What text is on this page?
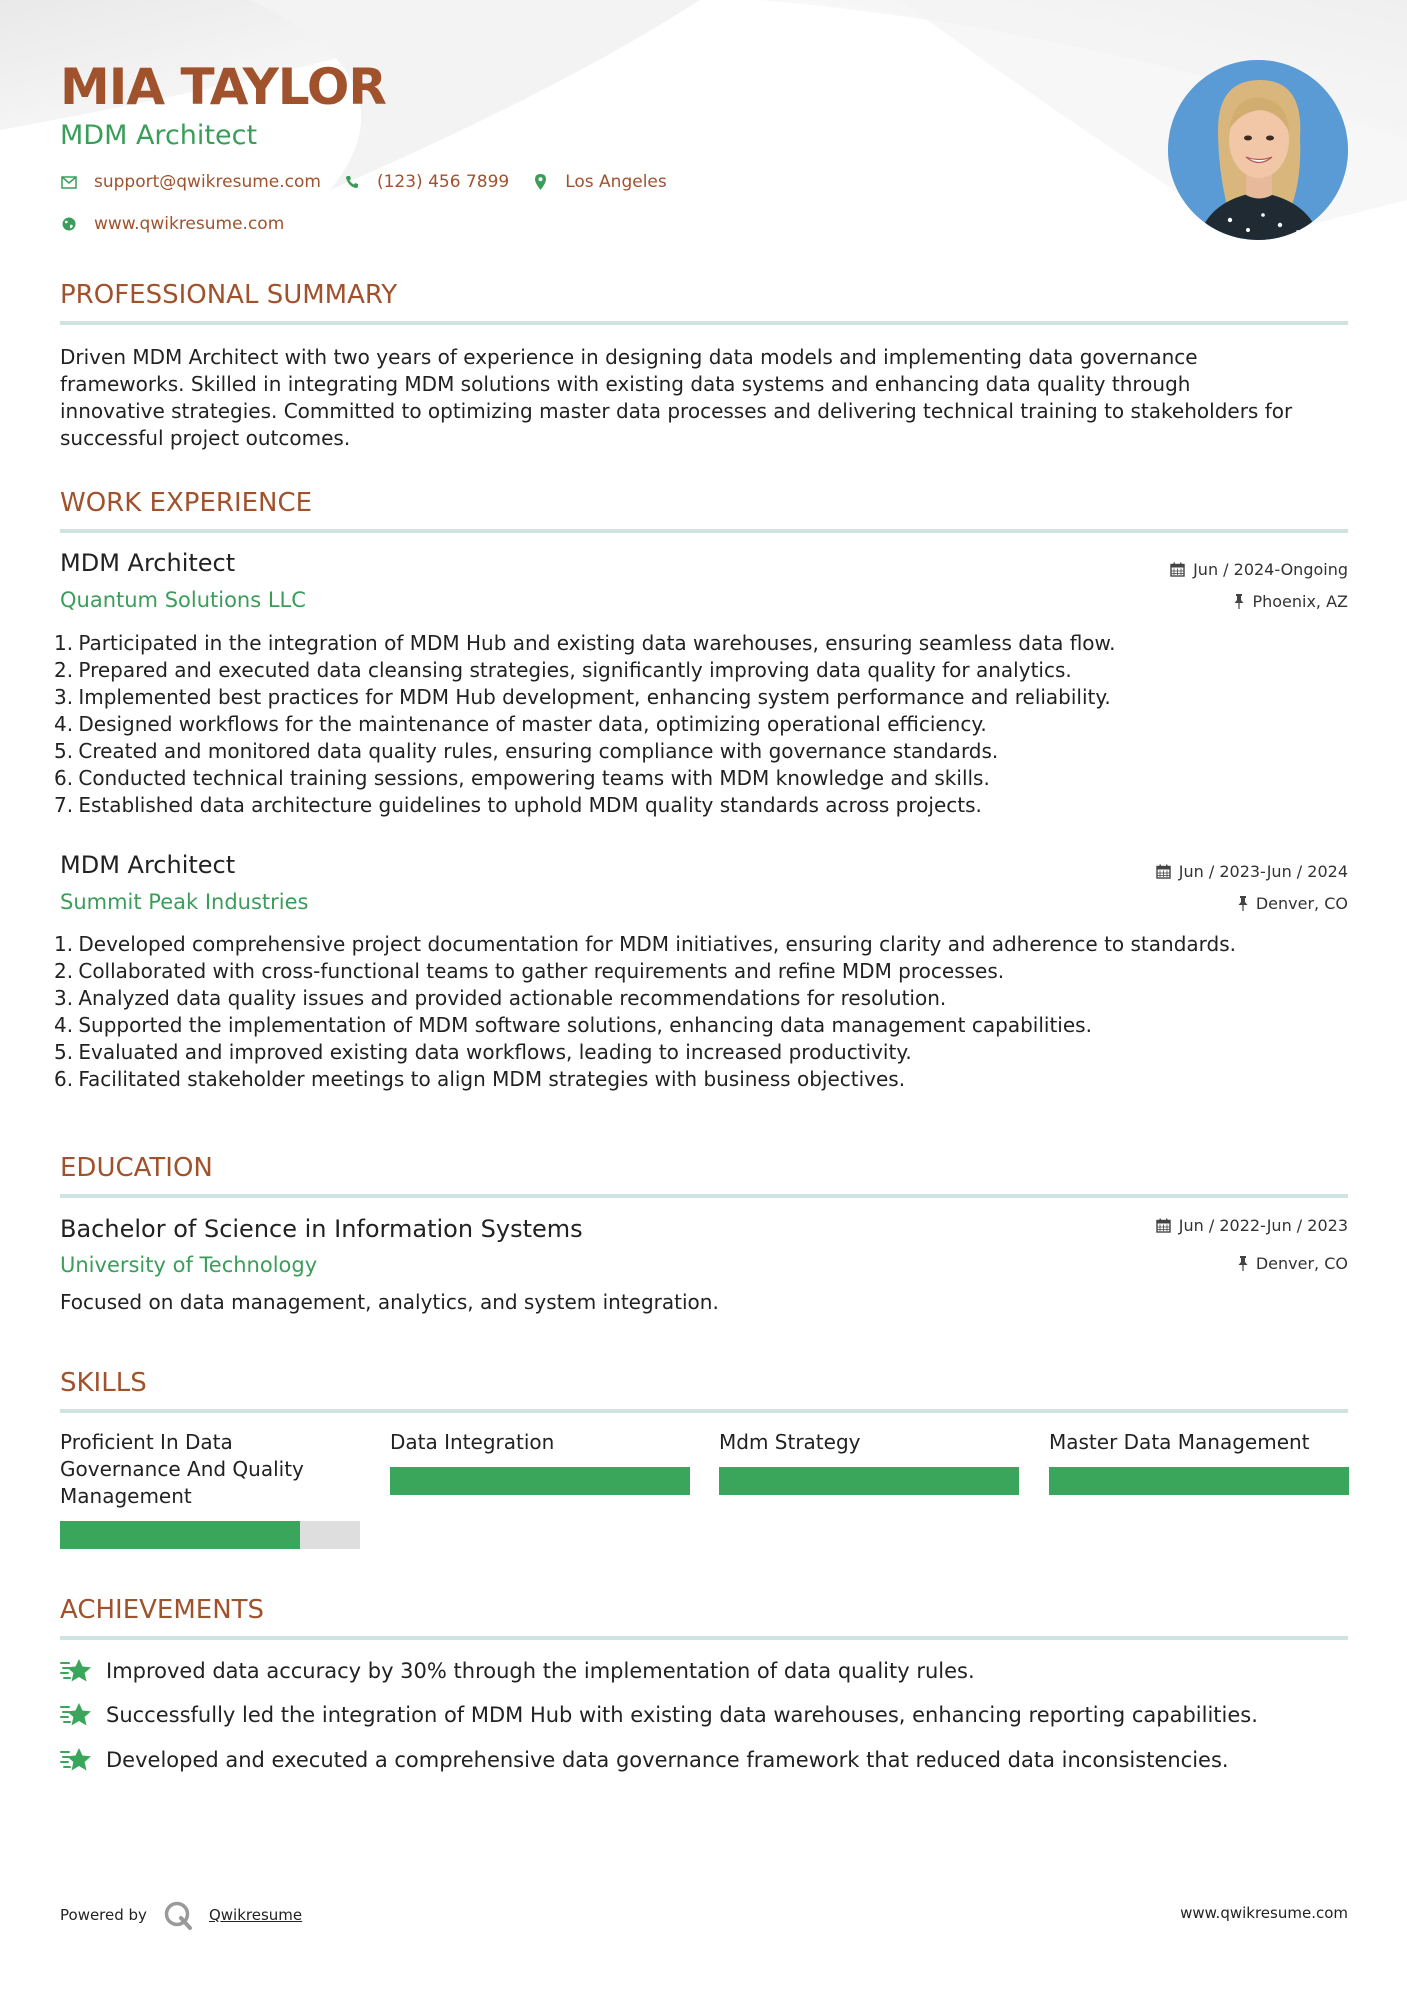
MIA TAYLOR
MDM Architect
support@qwikresume.com	(123) 456 7899	Los Angeles
www.qwikresume.com
PROFESSIONAL SUMMARY
Driven MDM Architect with two years of experience in designing data models and implementing data governance
frameworks. Skilled in integrating MDM solutions with existing data systems and enhancing data quality through
innovative strategies. Committed to optimizing master data processes and delivering technical training to stakeholders for
successful project outcomes.
WORK EXPERIENCE
MDM Architect	Jun / 2024-Ongoing
Quantum Solutions LLC	Phoenix, AZ
1.
Participated in the integration of MDM Hub and existing data warehouses, ensuring seamless data flow.
2.
Prepared and executed data cleansing strategies, significantly improving data quality for analytics.
3.
Implemented best practices for MDM Hub development, enhancing system performance and reliability.
4.
Designed workflows for the maintenance of master data, optimizing operational efficiency.
5.
Created and monitored data quality rules, ensuring compliance with governance standards.
6.
Conducted technical training sessions, empowering teams with MDM knowledge and skills.
7.
Established data architecture guidelines to uphold MDM quality standards across projects.
MDM Architect	Jun / 2023-Jun / 2024
Summit Peak Industries	Denver, CO
1.
Developed comprehensive project documentation for MDM initiatives, ensuring clarity and adherence to standards.
2.
Collaborated with cross-functional teams to gather requirements and refine MDM processes.
3.
Analyzed data quality issues and provided actionable recommendations for resolution.
4.
Supported the implementation of MDM software solutions, enhancing data management capabilities.
5.
Evaluated and improved existing data workflows, leading to increased productivity.
6.
Facilitated stakeholder meetings to align MDM strategies with business objectives.
EDUCATION
Bachelor of Science in Information Systems	Jun / 2022-Jun / 2023
University of Technology	Denver, CO
Focused on data management, analytics, and system integration.
SKILLS
Proficient In Data
Governance And Quality
Management
Data Integration	Mdm Strategy	Master Data Management
ACHIEVEMENTS
Improved data accuracy by 30% through the implementation of data quality rules.
Successfully led the integration of MDM Hub with existing data warehouses, enhancing reporting capabilities.
Developed and executed a comprehensive data governance framework that reduced data inconsistencies.
Powered by	Qwikresume	www.qwikresume.com
